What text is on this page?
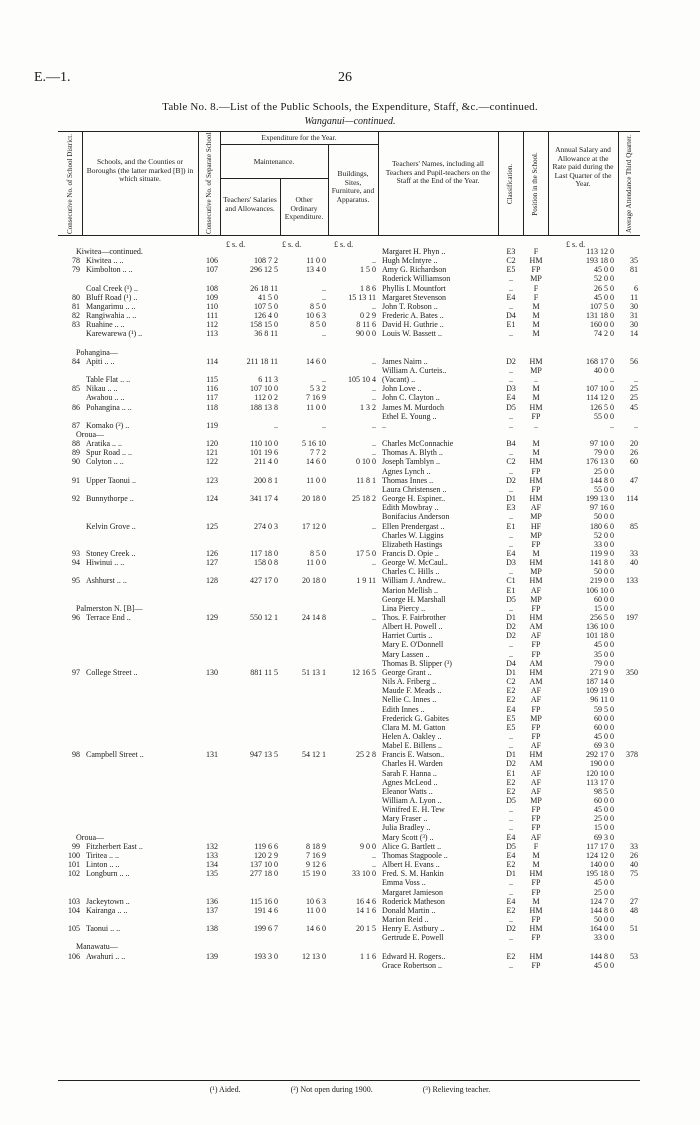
E.—1.	26
Table No. 8.—List of the Public Schools, the Expenditure, Staff, &c.—continued.
Wanganui—continued.
Consecutive No. of School District.	Schools, and the Counties or Boroughs (the latter marked [B]) in which situate.	Consecutive No. of Separate School.	Expenditure for the Year.
Maintenance.
Teachers' Salaries and Allowances.
Other Ordinary Expenditure.
Buildings, Sites, Furniture, and Apparatus.
Teachers' Names, including all Teachers and Pupil-teachers on the Staff at the End of the Year.	Classification. Position in the School.
Annual Salary and Allowance at the Rate paid during the Last Quarter of the Year.	Average Attendance Third Quarter.
£ s. d.	£ s. d.	£ s. d.	£ s. d.
Kiwitea—continued.	Margaret H. Phyn ..	E3	F	113 12 0
78 Kiwitea .. ..	106	108 7 2	11 0 0	.. Hugh McIntyre ..	C2	HM	193 18 0	35
79 Kimbolton .. ..	107	296 12 5	13 4 0	1 5 0 Amy G. Richardson	E5	FP	45 0 0	81
Roderick Williamson	..	MP	52 0 0
Coal Creek (¹) ..	108	26 18 11	..	1 8 6 Phyllis I. Mountfort	..	F	26 5 0	6
80 Bluff Road (¹) ..	109	41 5 0	..	15 13 11 Margaret Stevenson	E4	F	45 0 0	11
81 Mangarimu .. ..	110	107 5 0	8 5 0	.. John T. Robson ..	..	M	107 5 0	30
82 Rangiwahia .. ..	111	126 4 0	10 6 3	0 2 9 Frederic A. Bates ..	D4	M	131 18 0	31
83 Ruahine .. ..	112	158 15 0	8 5 0	8 11 6 David H. Guthrie ..	E1	M	160 0 0	30
Karewarewa (¹) ..	113	36 8 11	..	90 0 0 Louis W. Bassett ..	..	M	74 2 0	14
Pohangina—
84 Apiti .. ..	114	211 18 11	14 6 0	.. James Nairn ..	D2	HM	168 17 0	56
William A. Curteis..	..	MP	40 0 0
Table Flat .. ..	115	6 11 3	..	105 10 4 (Vacant) ..	..	..	..	..
85 Nikau .. ..	116	107 10 0	5 3 2	.. John Love ..	D3	M	107 10 0	25
Awahou .. ..	117	112 0 2	7 16 9	.. John C. Clayton ..	E4	M	114 12 0	25
86 Pohangina .. ..	118	188 13 8	11 0 0	1 3 2 James M. Murdoch	D5	HM	126 5 0	45
Ethel E. Young ..	..	FP	55 0 0
87 Komako (²) ..	119	..	..	.. ..	..	..	..	..
Oroua—
88 Aratika .. ..	120	110 10 0	5 16 10	.. Charles McConnachie	B4	M	97 10 0	20
89 Spur Road .. ..	121	101 19 6	7 7 2	.. Thomas A. Blyth ..	..	M	79 0 0	26
90 Colyton .. ..	122	211 4 0	14 6 0	0 10 0 Joseph Tamblyn ..	C2	HM	176 13 0	60
Agnes Lynch ..	..	FP	25 0 0
91 Upper Taonui ..	123	200 8 1	11 0 0	11 8 1 Thomas Innes ..	D2	HM	144 8 0	47
Laura Christensen ..	..	FP	55 0 0
92 Bunnythorpe ..	124	341 17 4	20 18 0	25 18 2 George H. Espiner..	D1	HM	199 13 0	114
Edith Mowbray ..	E3	AF	97 16 0
Bonifacius Anderson	..	MP	50 0 0
Kelvin Grove ..	125	274 0 3	17 12 0	.. Ellen Prendergast ..	E1	HF	180 6 0	85
Charles W. Liggins	..	MP	52 0 0
Elizabeth Hastings	..	FP	33 0 0
93 Stoney Creek ..	126	117 18 0	8 5 0	17 5 0 Francis D. Opie ..	E4	M	119 9 0	33
94 Hiwinui .. ..	127	158 0 8	11 0 0	.. George W. McCaul..	D3	HM	141 8 0	40
Charles C. Hills ..	..	MP	50 0 0
95 Ashhurst .. ..	128	427 17 0	20 18 0	1 9 11 William J. Andrew..	C1	HM	219 0 0	133
Marion Mellish ..	E1	AF	106 10 0
George H. Marshall	D5	MP	60 0 0
Palmerston N. [B]—	Lina Piercy ..	..	FP	15 0 0
96 Terrace End ..	129	550 12 1	24 14 8	.. Thos. F. Fairbrother	D1	HM	256 5 0	197
Albert H. Powell ..	D2	AM	136 10 0
Harriet Curtis ..	D2	AF	101 18 0
Mary E. O'Donnell	..	FP	45 0 0
Mary Lassen ..	..	FP	35 0 0
Thomas B. Slipper (³)	D4	AM	79 0 0
97 College Street ..	130	881 11 5	51 13 1	12 16 5 George Grant ..	D1	HM	271 9 0	350
Nils A. Friberg ..	C2	AM	187 14 0
Maude F. Meads ..	E2	AF	109 19 0
Nellie C. Innes ..	E2	AF	96 11 0
Edith Innes ..	E4	FP	59 5 0
Frederick G. Gabites	E5	MP	60 0 0
Clara M. M. Gatton	E5	FP	60 0 0
Helen A. Oakley ..	..	FP	45 0 0
Mabel E. Billens ..	..	AF	69 3 0
98 Campbell Street ..	131	947 13 5	54 12 1	25 2 8 Francis E. Watson..	D1	HM	292 17 0	378
Charles H. Warden	D2	AM	190 0 0
Sarah F. Hanna ..	E1	AF	120 10 0
Agnes McLeod ..	E2	AF	113 17 0
Eleanor Watts ..	E2	AF	98 5 0
William A. Lyon ..	D5	MP	60 0 0
Winifred E. H. Tew	..	FP	45 0 0
Mary Fraser ..	..	FP	25 0 0
Julia Bradley ..	..	FP	15 0 0
Oroua—	Mary Scott (³) ..	E4	AF	69 3 0
99 Fitzherbert East ..	132	119 6 6	8 18 9	9 0 0 Alice G. Bartlett ..	D5	F	117 17 0	33
100 Tiritea .. ..	133	120 2 9	7 16 9	.. Thomas Stagpoole ..	E4	M	124 12 0	26
101 Linton .. ..	134	137 10 0	9 12 6	.. Albert H. Evans ..	E2	M	140 0 0	40
102 Longburn .. ..	135	277 18 0	15 19 0	33 10 0 Fred. S. M. Hankin	D1	HM	195 18 0	75
Emma Voss ..	..	FP	45 0 0
Margaret Jamieson	..	FP	25 0 0
103 Jackeytown ..	136	115 16 0	10 6 3	16 4 6 Roderick Matheson	E4	M	124 7 0	27
104 Kairanga .. ..	137	191 4 6	11 0 0	14 1 6 Donald Martin ..	E2	HM	144 8 0	48
Marion Reid ..	..	FP	50 0 0
105 Taonui .. ..	138	199 6 7	14 6 0	20 1 5 Henry E. Astbury ..	D2	HM	164 0 0	51
Gertrude E. Powell	..	FP	33 0 0
Manawatu—
106 Awahuri .. ..	139	193 3 0	12 13 0	1 1 6 Edward H. Rogers..	E2	HM	144 8 0	53
Grace Robertson ..	..	FP	45 0 0
(¹) Aided.	(²) Not open during 1900.	(³) Relieving teacher.
